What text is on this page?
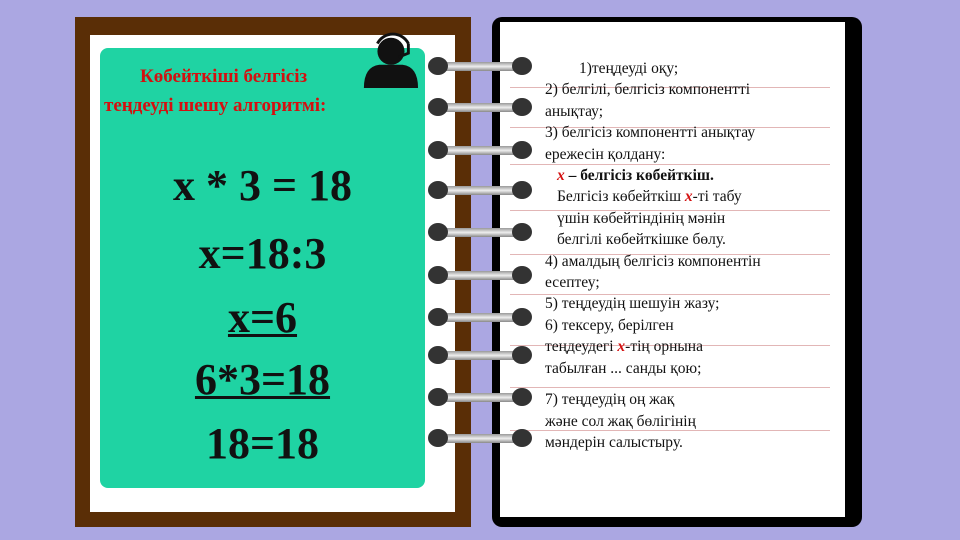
Көбейткіші белгісіз теңдеуді шешу алгоритмі:
x * 3 = 18
x=18:3
x=6
6*3=18
18=18
1)теңдеуді оқу;
2) белгілі, белгісіз компонентті
анықтау;
3) белгісіз компонентті анықтау
ережесін қолдану:
x – белгісіз көбейткіш.
Белгісіз көбейткіш x-ті табу
үшін көбейтіндінің мәнін
белгілі көбейткішке бөлу.
4) амалдың белгісіз компонентін
есептеу;
5) теңдеудің шешуін жазу;
6) тексеру, берілген
теңдеудегі x-тің орнына
табылған ... санды қою;
7) теңдеудің оң жақ
және сол жақ бөлігінің
мәндерін салыстыру.
